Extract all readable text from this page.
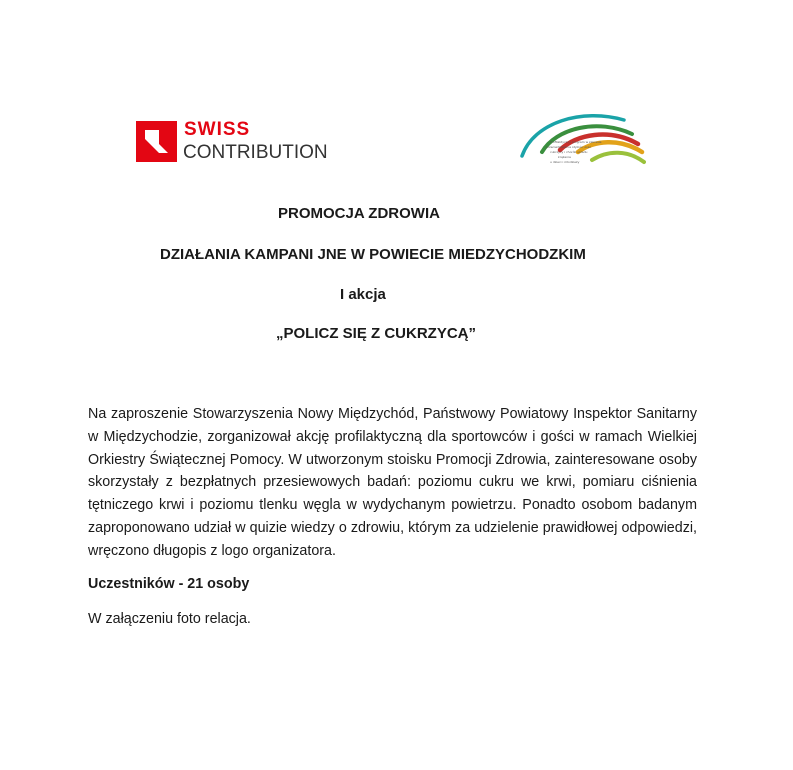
SWISS
CONTRIBUTION	Profilaktyczny program w zakresie
przeciwdziałania otyłości oraz
cukrzycy i chorób układu
krążenia
u dzieci i młodzieży
PROMOCJA ZDROWIA
DZIAŁANIA KAMPANI JNE W POWIECIE MIEDZYCHODZKIM
I akcja
„POLICZ SIĘ Z CUKRZYCĄ”
Na zaproszenie Stowarzyszenia Nowy Międzychód, Państwowy Powiatowy Inspektor Sanitarny w Międzychodzie, zorganizował akcję profilaktyczną dla sportowców i gości w ramach Wielkiej Orkiestry Świątecznej Pomocy. W utworzonym stoisku Promocji Zdrowia, zainteresowane osoby skorzystały z bezpłatnych przesiewowych badań: poziomu cukru we krwi, pomiaru ciśnienia tętniczego krwi i poziomu tlenku węgla w wydychanym powietrzu. Ponadto osobom badanym zaproponowano udział w quizie wiedzy o zdrowiu, którym za udzielenie prawidłowej odpowiedzi, wręczono długopis z logo organizatora.
Uczestników - 21 osoby
W załączeniu foto relacja.
